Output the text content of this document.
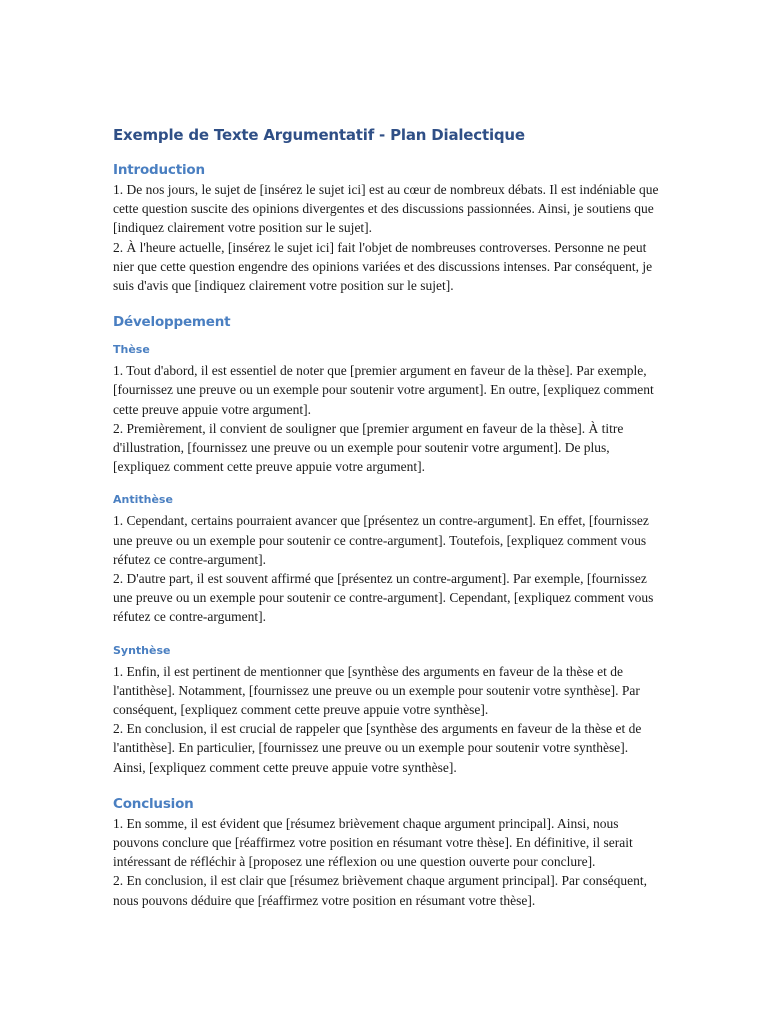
Exemple de Texte Argumentatif - Plan Dialectique
Introduction

1. De nos jours, le sujet de [insérez le sujet ici] est au cœur de nombreux débats. Il est indéniable que cette question suscite des opinions divergentes et des discussions passionnées. Ainsi, je soutiens que [indiquez clairement votre position sur le sujet].

2. À l'heure actuelle, [insérez le sujet ici] fait l'objet de nombreuses controverses. Personne ne peut nier que cette question engendre des opinions variées et des discussions intenses. Par conséquent, je suis d'avis que [indiquez clairement votre position sur le sujet].

Développement
Thèse

1. Tout d'abord, il est essentiel de noter que [premier argument en faveur de la thèse]. Par exemple, [fournissez une preuve ou un exemple pour soutenir votre argument]. En outre, [expliquez comment cette preuve appuie votre argument].

2. Premièrement, il convient de souligner que [premier argument en faveur de la thèse]. À titre d'illustration, [fournissez une preuve ou un exemple pour soutenir votre argument]. De plus, [expliquez comment cette preuve appuie votre argument].

Antithèse

1. Cependant, certains pourraient avancer que [présentez un contre-argument]. En effet, [fournissez une preuve ou un exemple pour soutenir ce contre-argument]. Toutefois, [expliquez comment vous réfutez ce contre-argument].

2. D'autre part, il est souvent affirmé que [présentez un contre-argument]. Par exemple, [fournissez une preuve ou un exemple pour soutenir ce contre-argument]. Cependant, [expliquez comment vous réfutez ce contre-argument].

Synthèse

1. Enfin, il est pertinent de mentionner que [synthèse des arguments en faveur de la thèse et de l'antithèse]. Notamment, [fournissez une preuve ou un exemple pour soutenir votre synthèse]. Par conséquent, [expliquez comment cette preuve appuie votre synthèse].

2. En conclusion, il est crucial de rappeler que [synthèse des arguments en faveur de la thèse et de l'antithèse]. En particulier, [fournissez une preuve ou un exemple pour soutenir votre synthèse]. Ainsi, [expliquez comment cette preuve appuie votre synthèse].

Conclusion

1. En somme, il est évident que [résumez brièvement chaque argument principal]. Ainsi, nous pouvons conclure que [réaffirmez votre position en résumant votre thèse]. En définitive, il serait intéressant de réfléchir à [proposez une réflexion ou une question ouverte pour conclure].

2. En conclusion, il est clair que [résumez brièvement chaque argument principal]. Par conséquent, nous pouvons déduire que [réaffirmez votre position en résumant votre thèse].
